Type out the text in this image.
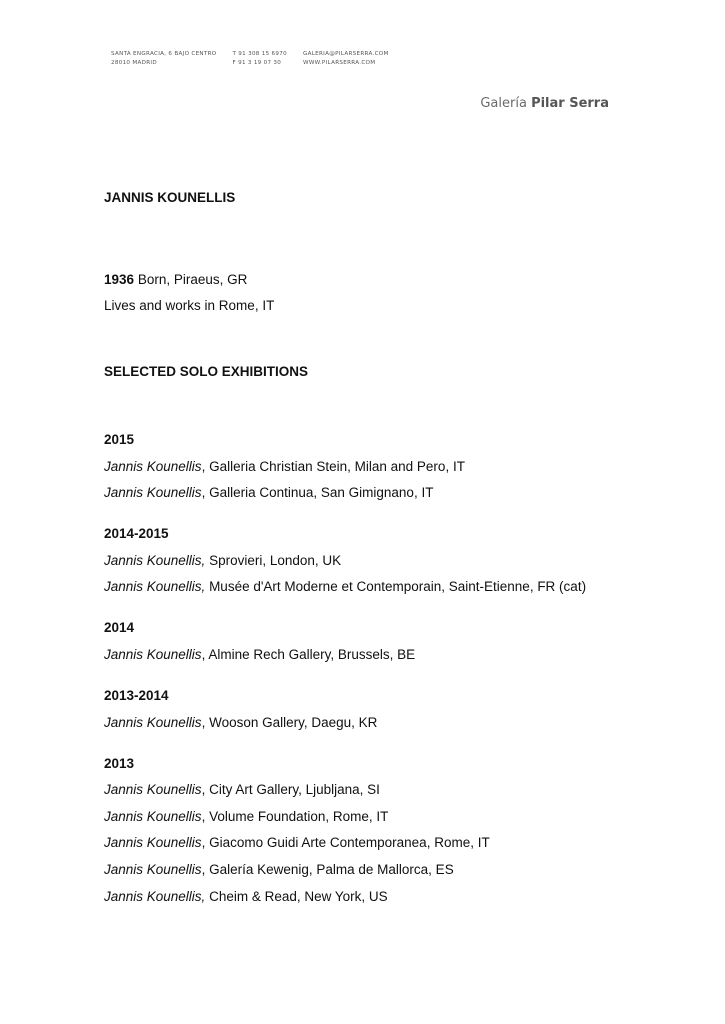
SANTA ENGRACIA, 6 BAJO CENTRO
28010 MADRID
T 91 308 15 6970
F 91 3 19 07 30
GALERIA@PILARSERRA.COM
WWW.PILARSERRA.COM
Galería Pilar Serra
JANNIS KOUNELLIS
1936 Born, Piraeus, GR
Lives and works in Rome, IT
SELECTED SOLO EXHIBITIONS
2015
Jannis Kounellis, Galleria Christian Stein, Milan and Pero, IT
Jannis Kounellis, Galleria Continua, San Gimignano, IT
2014-2015
Jannis Kounellis, Sprovieri, London, UK
Jannis Kounellis, Musée d'Art Moderne et Contemporain, Saint-Etienne, FR (cat)
2014
Jannis Kounellis, Almine Rech Gallery, Brussels, BE
2013-2014
Jannis Kounellis, Wooson Gallery, Daegu, KR
2013
Jannis Kounellis, City Art Gallery, Ljubljana, SI
Jannis Kounellis, Volume Foundation, Rome, IT
Jannis Kounellis, Giacomo Guidi Arte Contemporanea, Rome, IT
Jannis Kounellis, Galería Kewenig, Palma de Mallorca, ES
Jannis Kounellis, Cheim & Read, New York, US
